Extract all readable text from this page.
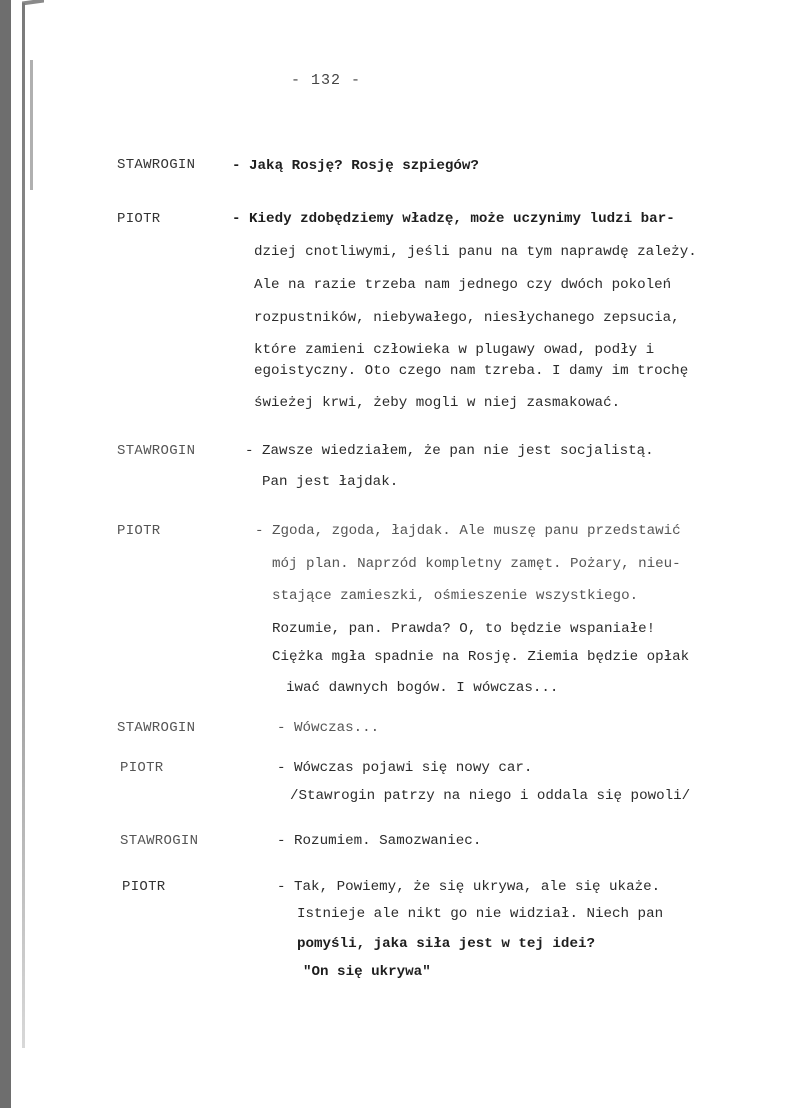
- 132 -
STAWROGIN	- Jaką Rosję? Rosję szpiegów?
PIOTR	- Kiedy zdobędziemy władzę, może uczynimy ludzi bar-
dziej cnotliwymi, jeśli panu na tym naprawdę zależy.
Ale na razie trzeba nam jednego czy dwóch pokoleń
rozpustników, niebywałego, niesłychanego zepsucia,
które zamieni człowieka w plugawy owad, podły i
egoistyczny. Oto czego nam tzreba. I damy im trochę
świeżej krwi, żeby mogli w niej zasmakować.
STAWROGIN	- Zawsze wiedziałem, że pan nie jest socjalistą.
Pan jest łajdak.
PIOTR	- Zgoda, zgoda, łajdak. Ale muszę panu przedstawić
mój plan. Naprzód kompletny zamęt. Pożary, nieu-
stające zamieszki, ośmieszenie wszystkiego.
Rozumie, pan. Prawda? O, to będzie wspaniałe!
Ciężka mgła spadnie na Rosję. Ziemia będzie opłak
iwać dawnych bogów. I wówczas...
STAWROGIN	- Wówczas...
PIOTR	- Wówczas pojawi się nowy car.
/Stawrogin patrzy na niego i oddala się powoli/
STAWROGIN	- Rozumiem. Samozwaniec.
PIOTR	- Tak, Powiemy, że się ukrywa, ale się ukaże.
Istnieje ale nikt go nie widział. Niech pan
pomyśli, jaka siła jest w tej idei?
"On się ukrywa"
